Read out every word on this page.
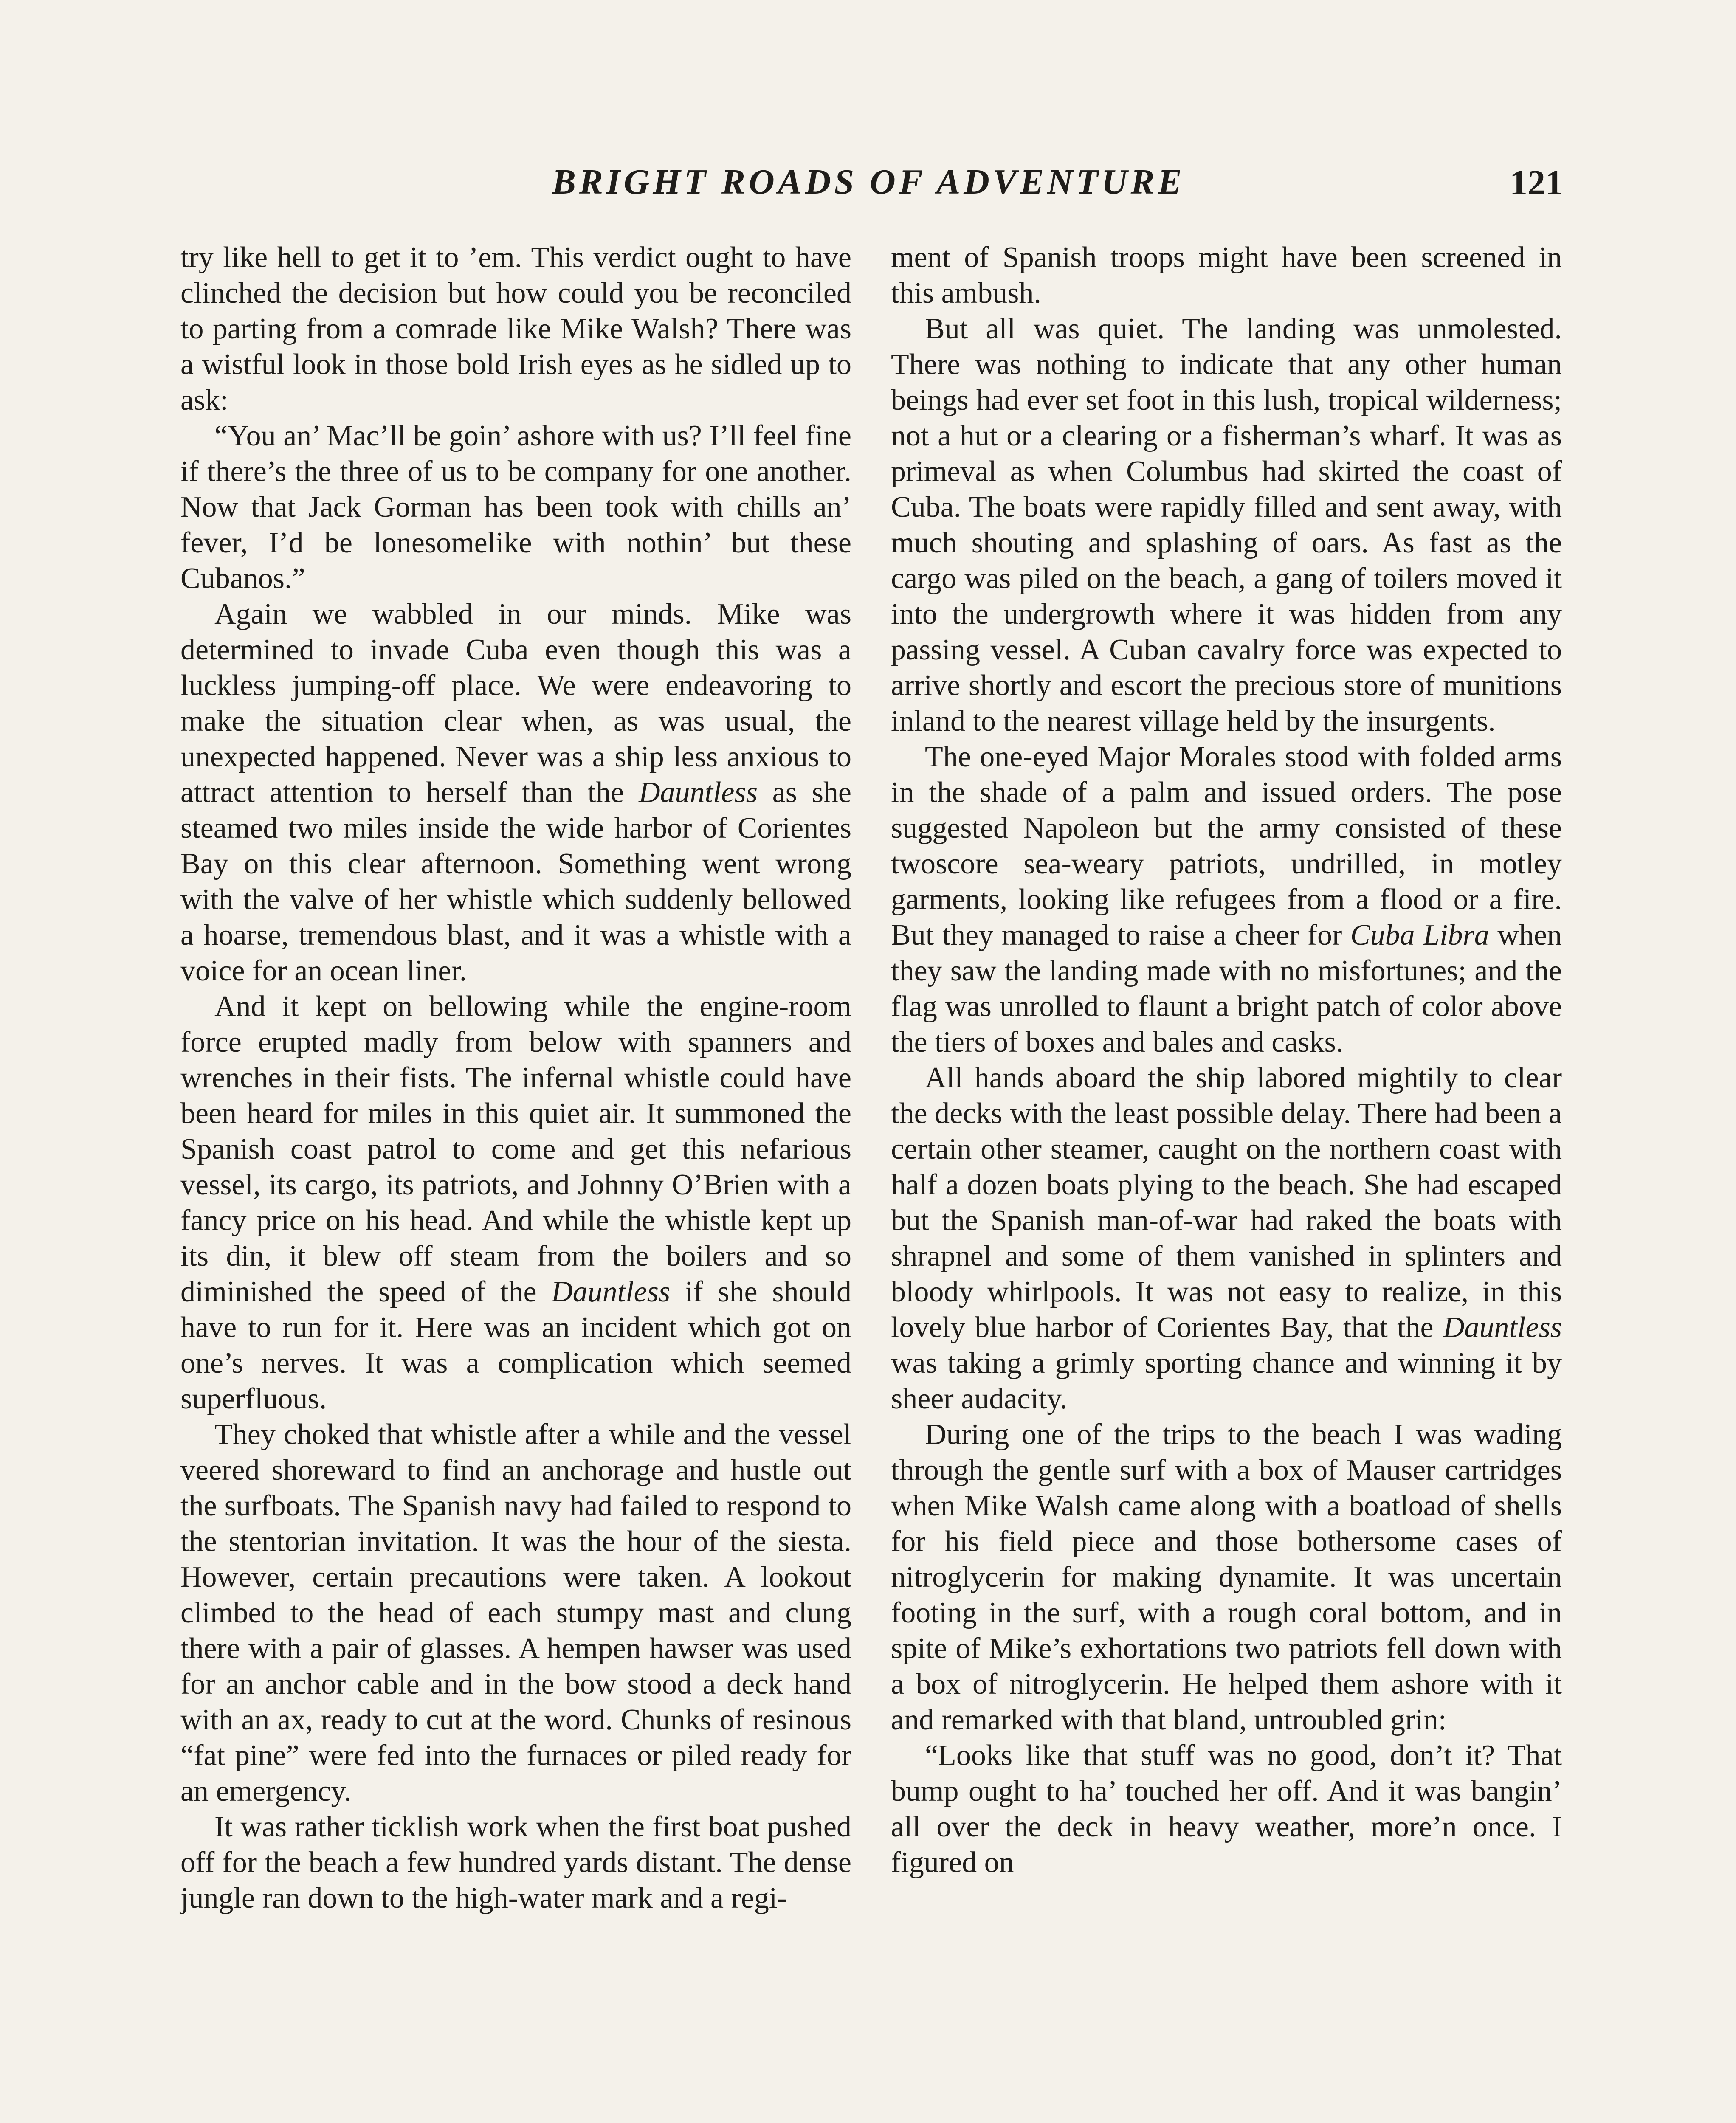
BRIGHT ROADS OF ADVENTURE	121

try like hell to get it to ’em. This verdict ought to have clinched the decision but how could you be reconciled to parting from a comrade like Mike Walsh? There was a wistful look in those bold Irish eyes as he sidled up to ask:

“You an’ Mac’ll be goin’ ashore with us? I’ll feel fine if there’s the three of us to be company for one another. Now that Jack Gorman has been took with chills an’ fever, I’d be lonesomelike with nothin’ but these Cubanos.”

Again we wabbled in our minds. Mike was determined to invade Cuba even though this was a luckless jumping-off place. We were endeavoring to make the situation clear when, as was usual, the unexpected happened. Never was a ship less anxious to attract attention to herself than the Dauntless as she steamed two miles inside the wide harbor of Corientes Bay on this clear afternoon. Something went wrong with the valve of her whistle which suddenly bellowed a hoarse, tremendous blast, and it was a whistle with a voice for an ocean liner.

And it kept on bellowing while the engine-room force erupted madly from below with spanners and wrenches in their fists. The infernal whistle could have been heard for miles in this quiet air. It summoned the Spanish coast patrol to come and get this nefarious vessel, its cargo, its patriots, and Johnny O’Brien with a fancy price on his head. And while the whistle kept up its din, it blew off steam from the boilers and so diminished the speed of the Dauntless if she should have to run for it. Here was an incident which got on one’s nerves. It was a complication which seemed superfluous.

They choked that whistle after a while and the vessel veered shoreward to find an anchorage and hustle out the surfboats. The Spanish navy had failed to respond to the stentorian invitation. It was the hour of the siesta. However, certain precautions were taken. A lookout climbed to the head of each stumpy mast and clung there with a pair of glasses. A hempen hawser was used for an anchor cable and in the bow stood a deck hand with an ax, ready to cut at the word. Chunks of resinous “fat pine” were fed into the furnaces or piled ready for an emergency.

It was rather ticklish work when the first boat pushed off for the beach a few hundred yards distant. The dense jungle ran down to the high-water mark and a regi-

ment of Spanish troops might have been screened in this ambush.

But all was quiet. The landing was unmolested. There was nothing to indicate that any other human beings had ever set foot in this lush, tropical wilderness; not a hut or a clearing or a fisherman’s wharf. It was as primeval as when Columbus had skirted the coast of Cuba. The boats were rapidly filled and sent away, with much shouting and splashing of oars. As fast as the cargo was piled on the beach, a gang of toilers moved it into the undergrowth where it was hidden from any passing vessel. A Cuban cavalry force was expected to arrive shortly and escort the precious store of munitions inland to the nearest village held by the insurgents.

The one-eyed Major Morales stood with folded arms in the shade of a palm and issued orders. The pose suggested Napoleon but the army consisted of these twoscore sea-weary patriots, undrilled, in motley garments, looking like refugees from a flood or a fire. But they managed to raise a cheer for Cuba Libra when they saw the landing made with no misfortunes; and the flag was unrolled to flaunt a bright patch of color above the tiers of boxes and bales and casks.

All hands aboard the ship labored mightily to clear the decks with the least possible delay. There had been a certain other steamer, caught on the northern coast with half a dozen boats plying to the beach. She had escaped but the Spanish man-of-war had raked the boats with shrapnel and some of them vanished in splinters and bloody whirlpools. It was not easy to realize, in this lovely blue harbor of Corientes Bay, that the Dauntless was taking a grimly sporting chance and winning it by sheer audacity.

During one of the trips to the beach I was wading through the gentle surf with a box of Mauser cartridges when Mike Walsh came along with a boatload of shells for his field piece and those bothersome cases of nitroglycerin for making dynamite. It was uncertain footing in the surf, with a rough coral bottom, and in spite of Mike’s exhortations two patriots fell down with a box of nitroglycerin. He helped them ashore with it and remarked with that bland, untroubled grin:

“Looks like that stuff was no good, don’t it? That bump ought to ha’ touched her off. And it was bangin’ all over the deck in heavy weather, more’n once. I figured on
